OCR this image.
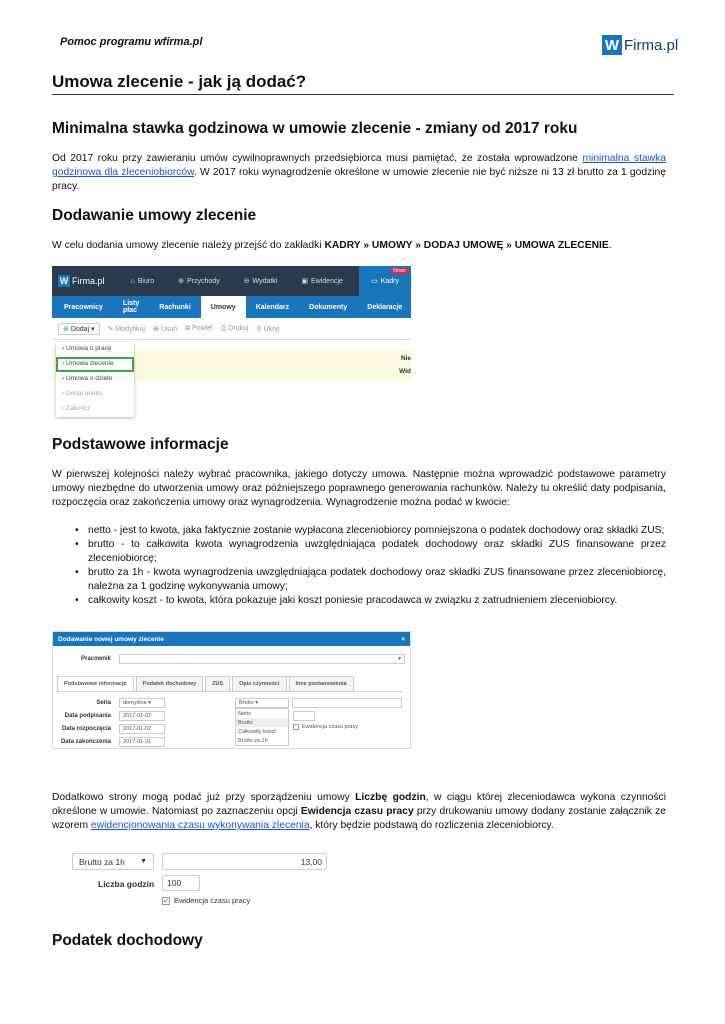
Pomoc programu wfirma.pl	W Firma.pl
Umowa zlecenie - jak ją dodać?
Minimalna stawka godzinowa w umowie zlecenie - zmiany od 2017 roku

Od 2017 roku przy zawieraniu umów cywilnoprawnych przedsiębiorca musi pamiętać, że została wprowadzone minimalna stawka godzinowa dla zleceniobiorców. W 2017 roku wynagrodzenie określone w umowie zlecenie nie być niższe ni 13 zł brutto za 1 godzinę pracy.

Dodawanie umowy zlecenie

W celu dodania umowy zlecenie należy przejść do zakładki KADRY » UMOWY » DODAJ UMOWĘ » UMOWA ZLECENIE.

W Firma.pl	⌂ Biuro	⊕ Przychody	⊖ Wydatki	▣ Ewidencje	▭ Kadry
Nowe
Pracownicy	Listy płac	Rachunki	Umowy	Kalendarz	Dokumenty	Deklaracje
⊕ Dodaj ▾	✎ Modyfikuj ⊖ Usuń ⧉ Powiel ⎙ Drukuj ⚲ Ukryj
Nie
Wid
› Umowa o pracę
› Umowa zlecenie
› Umowa o dzieło
› Dodaj aneks
› Zakończ
Podstawowe informacje

W pierwszej kolejności należy wybrać pracownika, jakiego dotyczy umowa. Następnie można wprowadzić podstawowe parametry umowy niezbędne do utworzenia umowy oraz późniejszego poprawnego generowania rachunków. Należy tu określić daty podpisania, rozpoczęcia oraz zakończenia umowy oraz wynagrodzenia. Wynagrodzenie można podać w kwocie:

• netto - jest to kwota, jaka faktycznie zostanie wypłacona zleceniobiorcy pomniejszona o podatek dochodowy oraz składki ZUS;
• brutto - to całkowita kwota wynagrodzenia uwzględniająca podatek dochodowy oraz składki ZUS finansowane przez zleceniobiorcę;
• brutto za 1h - kwota wynagrodzenia uwzględniająca podatek dochodowy oraz składki ZUS finansowane przez zleceniobiorcę, należna za 1 godzinę wykonywania umowy;
• całkowity koszt - to kwota, która pokazuje jaki koszt poniesie pracodawca w związku z zatrudnieniem zleceniobiorcy.
Dodawanie nowej umowy zlecenie	×
Pracownik	▾
Podstawowe informacje	Podatek dochodowy	ZUS	Opis czynności	Inne postanowienia
Seria domyślna ▾
Data podpisania	2017-01-02
Data rozpoczęcia	2017-01-02
Data zakończenia	2017-01-31
Brutto ▾
Netto
Brutto
Całkowity koszt
Brutto za 1h
Ewidencja czasu pracy

Dodatkowo strony mogą podać już przy sporządzeniu umowy Liczbę godzin, w ciągu której zleceniodawca wykona czynności określone w umowie. Natomiast po zaznaczeniu opcji Ewidencja czasu pracy przy drukowaniu umowy dodany zostanie załącznik ze wzorem ewidencjonowania czasu wykonywania zlecenia, który będzie podstawą do rozliczenia zleceniobiorcy.

Brutto za 1h ▼	13,00
Liczba godzin	100
✓ Ewidencja czasu pracy
Podatek dochodowy
